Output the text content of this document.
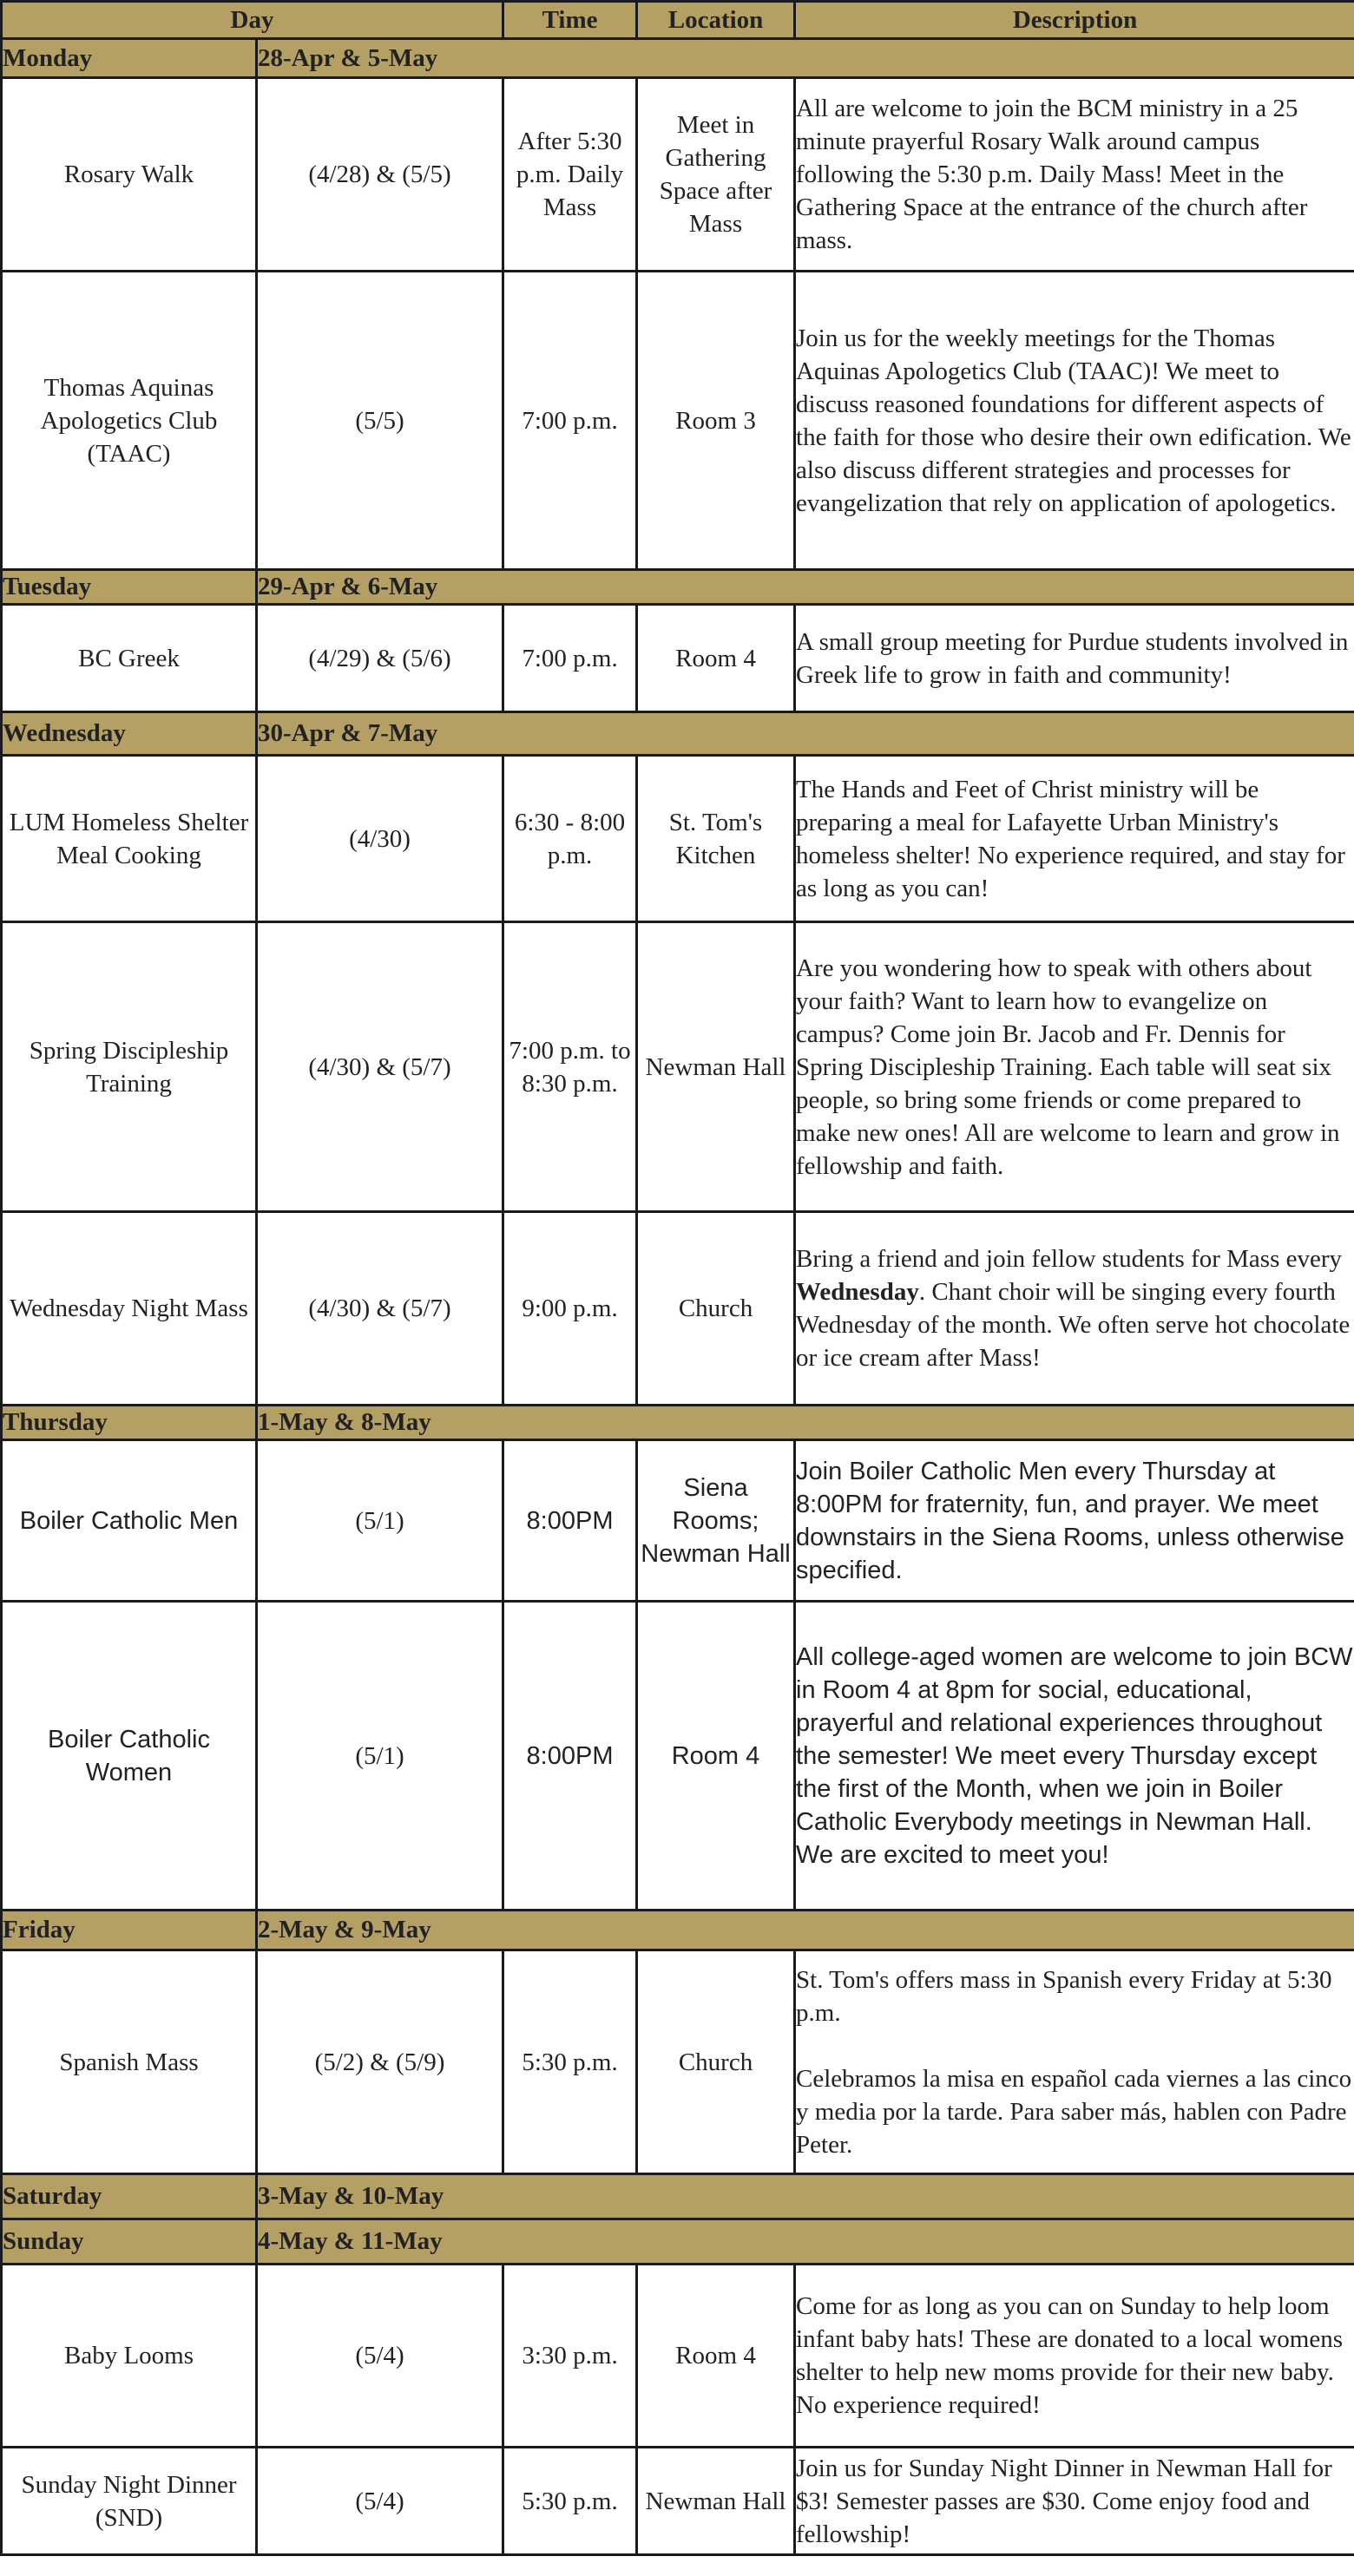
Day		Time	Location	Description
Monday	28-Apr & 5-May			
Rosary Walk	(4/28) & (5/5)	After 5:30 p.m. Daily Mass	Meet in Gathering Space after Mass	All are welcome to join the BCM ministry in a 25 minute prayerful Rosary Walk around campus following the 5:30 p.m. Daily Mass! Meet in the Gathering Space at the entrance of the church after mass.

Thomas Aquinas Apologetics Club (TAAC)	(5/5)	7:00 p.m.	Room 3	Join us for the weekly meetings for the Thomas Aquinas Apologetics Club (TAAC)! We meet to discuss reasoned foundations for different aspects of the faith for those who desire their own edification. We also discuss different strategies and processes for evangelization that rely on application of apologetics.

Tuesday	29-Apr & 6-May			
BC Greek	(4/29) & (5/6)	7:00 p.m.	Room 4	A small group meeting for Purdue students involved in Greek life to grow in faith and community!

Wednesday	30-Apr & 7-May			
LUM Homeless Shelter Meal Cooking	(4/30)	6:30 - 8:00 p.m.	St. Tom's Kitchen	The Hands and Feet of Christ ministry will be preparing a meal for Lafayette Urban Ministry's homeless shelter! No experience required, and stay for as long as you can!

Spring Discipleship Training	(4/30) & (5/7)	7:00 p.m. to 8:30 p.m.	Newman Hall	Are you wondering how to speak with others about your faith? Want to learn how to evangelize on campus? Come join Br. Jacob and Fr. Dennis for Spring Discipleship Training. Each table will seat six people, so bring some friends or come prepared to make new ones! All are welcome to learn and grow in fellowship and faith.

Wednesday Night Mass	(4/30) & (5/7)	9:00 p.m.	Church	Bring a friend and join fellow students for Mass every Wednesday. Chant choir will be singing every fourth Wednesday of the month. We often serve hot chocolate or ice cream after Mass!
Thursday	1-May & 8-May			
Boiler Catholic Men	(5/1)	8:00PM	Siena Rooms; Newman Hall	Join Boiler Catholic Men every Thursday at 8:00PM for fraternity, fun, and prayer. We meet downstairs in the Siena Rooms, unless otherwise specified.

Boiler Catholic Women	(5/1)	8:00PM	Room 4	All college-aged women are welcome to join BCW in Room 4 at 8pm for social, educational, prayerful and relational experiences throughout the semester! We meet every Thursday except the first of the Month, when we join in Boiler Catholic Everybody meetings in Newman Hall. We are excited to meet you!

Friday	2-May & 9-May			
Spanish Mass	(5/2) & (5/9)	5:30 p.m.	Church	St. Tom's offers mass in Spanish every Friday at 5:30 p.m.
Celebramos la misa en español cada viernes a las cinco y media por la tarde. Para saber más, hablen con Padre Peter.

Saturday	3-May & 10-May			
Sunday	4-May & 11-May			
Baby Looms	(5/4)	3:30 p.m.	Room 4	Come for as long as you can on Sunday to help loom infant baby hats! These are donated to a local womens shelter to help new moms provide for their new baby. No experience required!

Sunday Night Dinner (SND)	(5/4)	5:30 p.m.	Newman Hall	Join us for Sunday Night Dinner in Newman Hall for $3! Semester passes are $30. Come enjoy food and fellowship!
